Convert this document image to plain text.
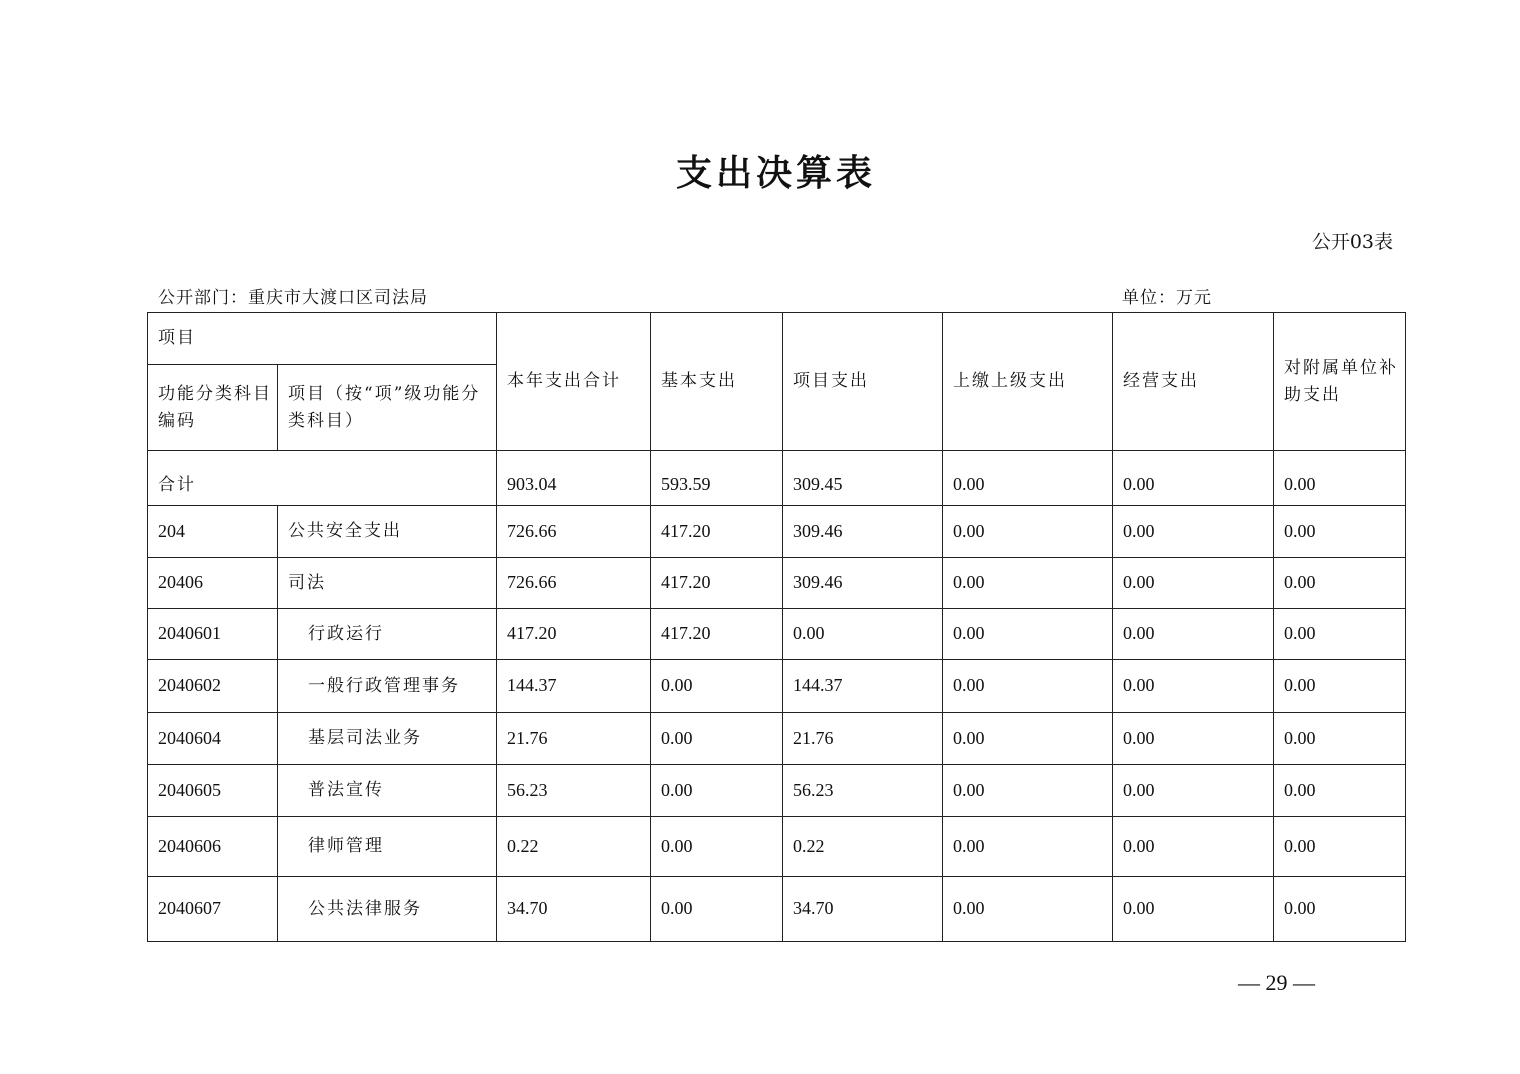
支出决算表
公开03表
公开部门：重庆市大渡口区司法局	单位：万元
项目		本年支出合计	基本支出	项目支出	上缴上级支出	经营支出	对附属单位补助支出
功能分类科目编码	项目（按“项”级功能分类科目）						
合计		903.04	593.59	309.45	0.00	0.00	0.00
204	公共安全支出	726.66	417.20	309.46	0.00	0.00	0.00
20406	司法	726.66	417.20	309.46	0.00	0.00	0.00
2040601	行政运行	417.20	417.20	0.00	0.00	0.00	0.00
2040602	一般行政管理事务	144.37	0.00	144.37	0.00	0.00	0.00
2040604	基层司法业务	21.76	0.00	21.76	0.00	0.00	0.00
2040605	普法宣传	56.23	0.00	56.23	0.00	0.00	0.00
2040606	律师管理	0.22	0.00	0.22	0.00	0.00	0.00
2040607	公共法律服务	34.70	0.00	34.70	0.00	0.00	0.00
— 29 —
